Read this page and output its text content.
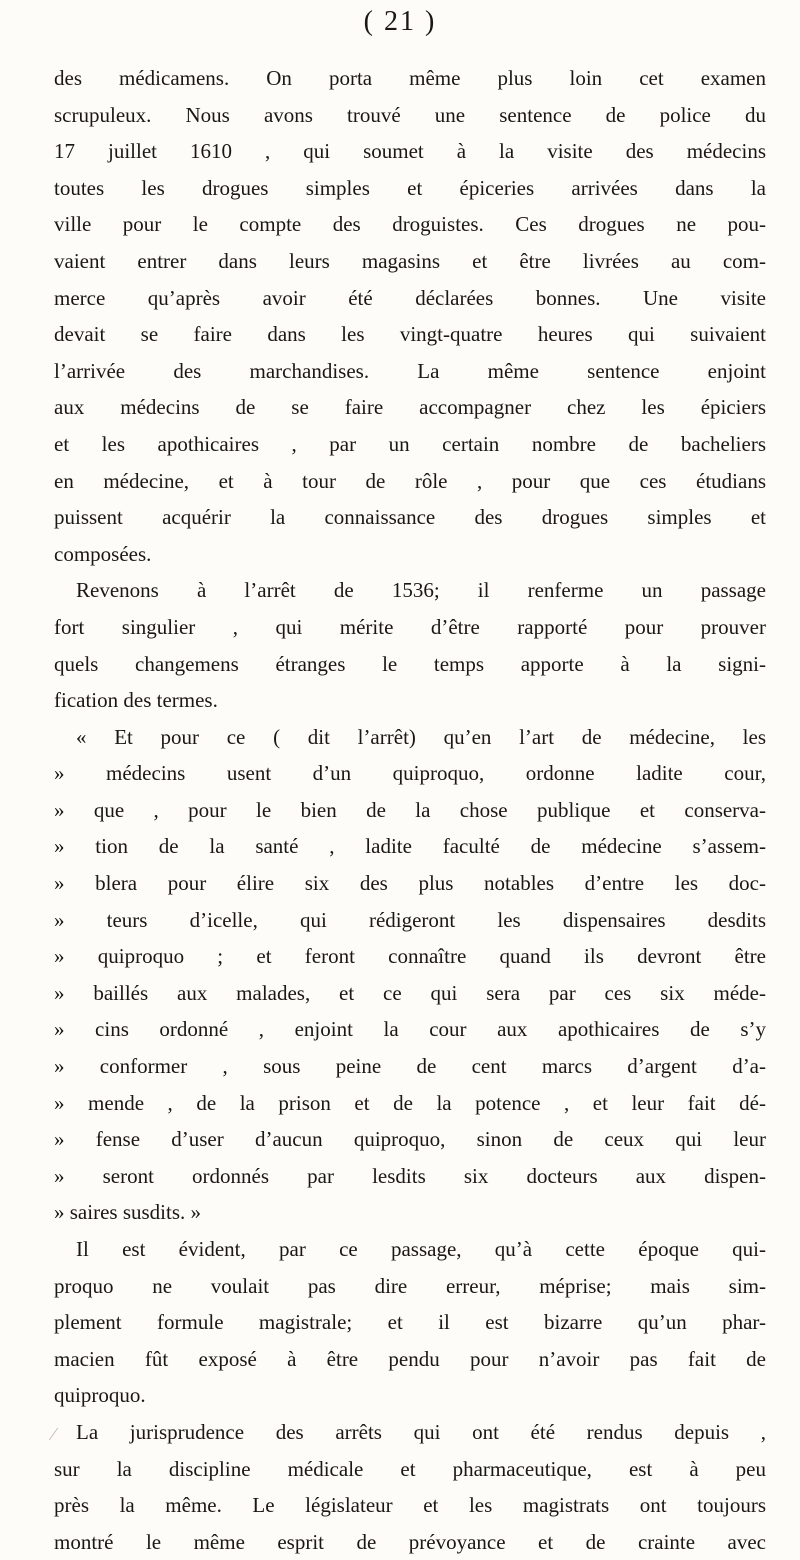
( 21 )
des médicamens. On porta même plus loin cet examen
scrupuleux. Nous avons trouvé une sentence de police du
17 juillet 1610 , qui soumet à la visite des médecins
toutes les drogues simples et épiceries arrivées dans la
ville pour le compte des droguistes. Ces drogues ne pou-
vaient entrer dans leurs magasins et être livrées au com-
merce qu’après avoir été déclarées bonnes. Une visite
devait se faire dans les vingt-quatre heures qui suivaient
l’arrivée des marchandises. La même sentence enjoint
aux médecins de se faire accompagner chez les épiciers
et les apothicaires , par un certain nombre de bacheliers
en médecine, et à tour de rôle , pour que ces étudians
puissent acquérir la connaissance des drogues simples et
composées.
Revenons à l’arrêt de 1536; il renferme un passage
fort singulier , qui mérite d’être rapporté pour prouver
quels changemens étranges le temps apporte à la signi-
fication des termes.
« Et pour ce ( dit l’arrêt) qu’en l’art de médecine, les
» médecins usent d’un quiproquo, ordonne ladite cour,
» que , pour le bien de la chose publique et conserva-
» tion de la santé , ladite faculté de médecine s’assem-
» blera pour élire six des plus notables d’entre les doc-
» teurs d’icelle, qui rédigeront les dispensaires desdits
» quiproquo ; et feront connaître quand ils devront être
» baillés aux malades, et ce qui sera par ces six méde-
» cins ordonné , enjoint la cour aux apothicaires de s’y
» conformer , sous peine de cent marcs d’argent d’a-
» mende , de la prison et de la potence , et leur fait dé-
» fense d’user d’aucun quiproquo, sinon de ceux qui leur
» seront ordonnés par lesdits six docteurs aux dispen-
» saires susdits. »
Il est évident, par ce passage, qu’à cette époque qui-
proquo ne voulait pas dire erreur, méprise; mais sim-
plement formule magistrale; et il est bizarre qu’un phar-
macien fût exposé à être pendu pour n’avoir pas fait de
quiproquo.
La jurisprudence des arrêts qui ont été rendus depuis ,
sur la discipline médicale et pharmaceutique, est à peu
près la même. Le législateur et les magistrats ont toujours
montré le même esprit de prévoyance et de crainte avec
⁄
